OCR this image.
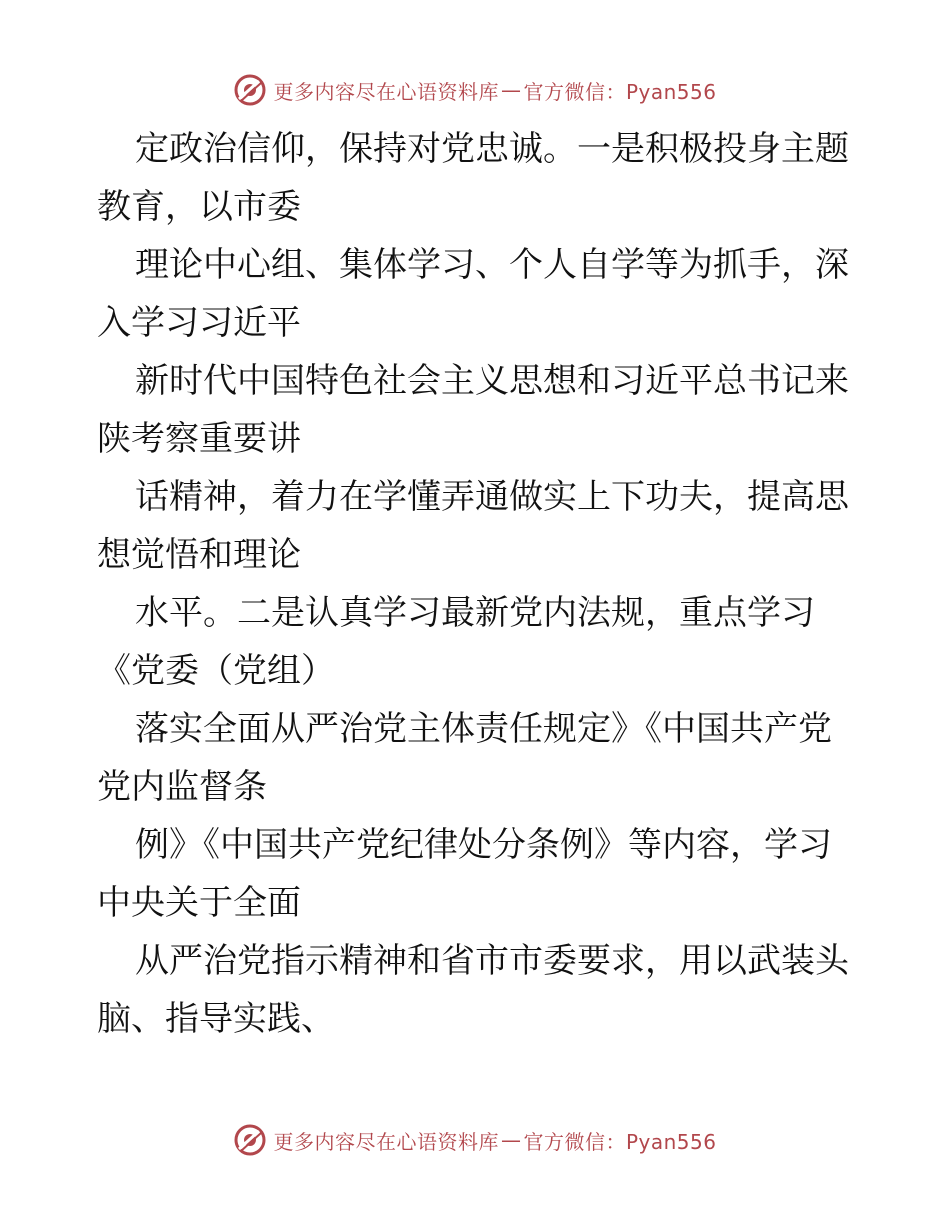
更多内容尽在心语资料库 — 官方微信：Pyan556

定政治信仰，保持对党忠诚。一是积极投身主题

教育，以市委

理论中心组、集体学习、个人自学等为抓手，深

入学习习近平

新时代中国特色社会主义思想和习近平总书记来

陕考察重要讲

话精神，着力在学懂弄通做实上下功夫，提高思

想觉悟和理论

水平。二是认真学习最新党内法规，重点学习

《党委（党组）

落实全面从严治党主体责任规定》《中国共产党

党内监督条

例》《中国共产党纪律处分条例》等内容，学习

中央关于全面

从严治党指示精神和省市市委要求，用以武装头

脑、指导实践、

更多内容尽在心语资料库 — 官方微信：Pyan556
